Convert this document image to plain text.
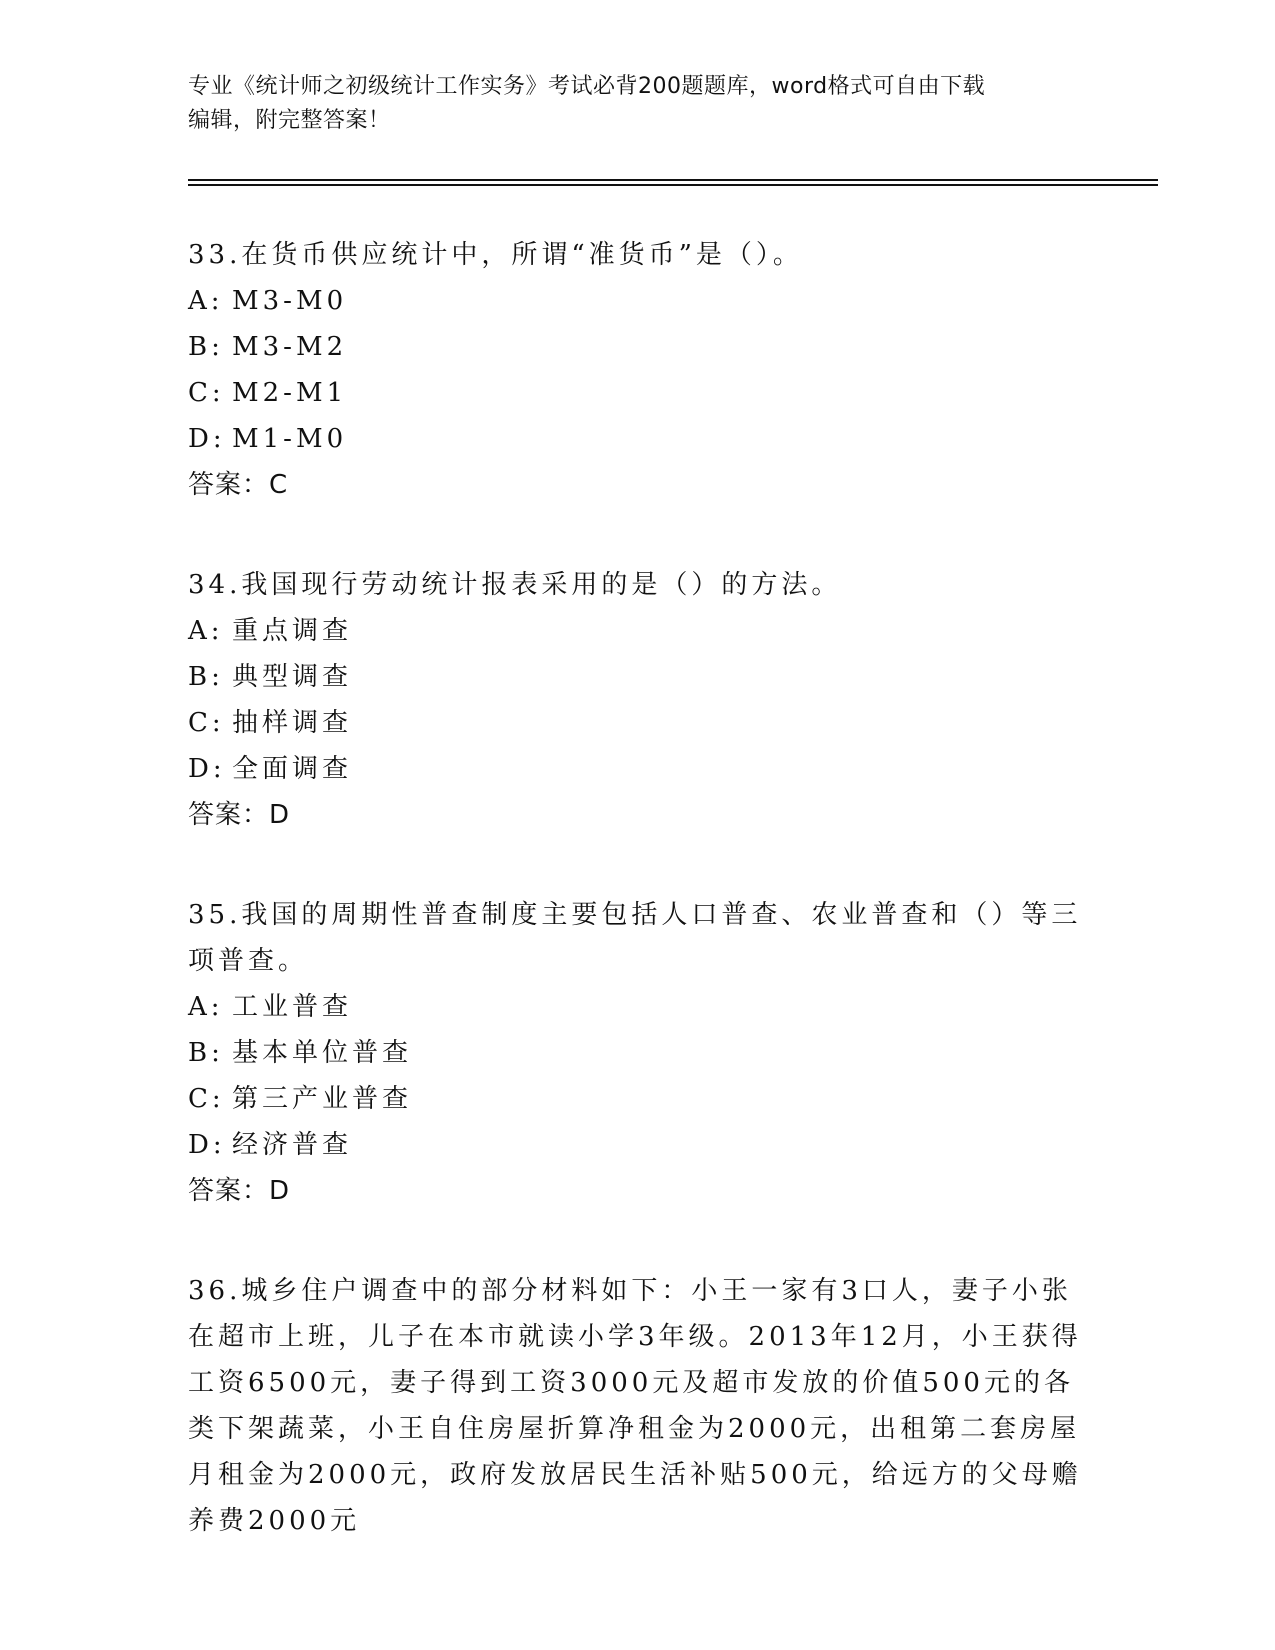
专业《统计师之初级统计工作实务》考试必背200题题库，word格式可自由下载
编辑，附完整答案！

33.在货币供应统计中，所谓“准货币”是（）。

A: M3-M0

B: M3-M2

C: M2-M1

D: M1-M0

答案：C

34.我国现行劳动统计报表采用的是（）的方法。

A: 重点调查

B: 典型调查

C: 抽样调查

D: 全面调查

答案：D

35.我国的周期性普查制度主要包括人口普查、农业普查和（）等三项普查。

A: 工业普查

B: 基本单位普查

C: 第三产业普查

D: 经济普查

答案：D

36.城乡住户调查中的部分材料如下：小王一家有3口人，妻子小张在超市上班，儿子在本市就读小学3年级。2013年12月，小王获得工资6500元，妻子得到工资3000元及超市发放的价值500元的各类下架蔬菜，小王自住房屋折算净租金为2000元，出租第二套房屋月租金为2000元，政府发放居民生活补贴500元，给远方的父母赡养费2000元
